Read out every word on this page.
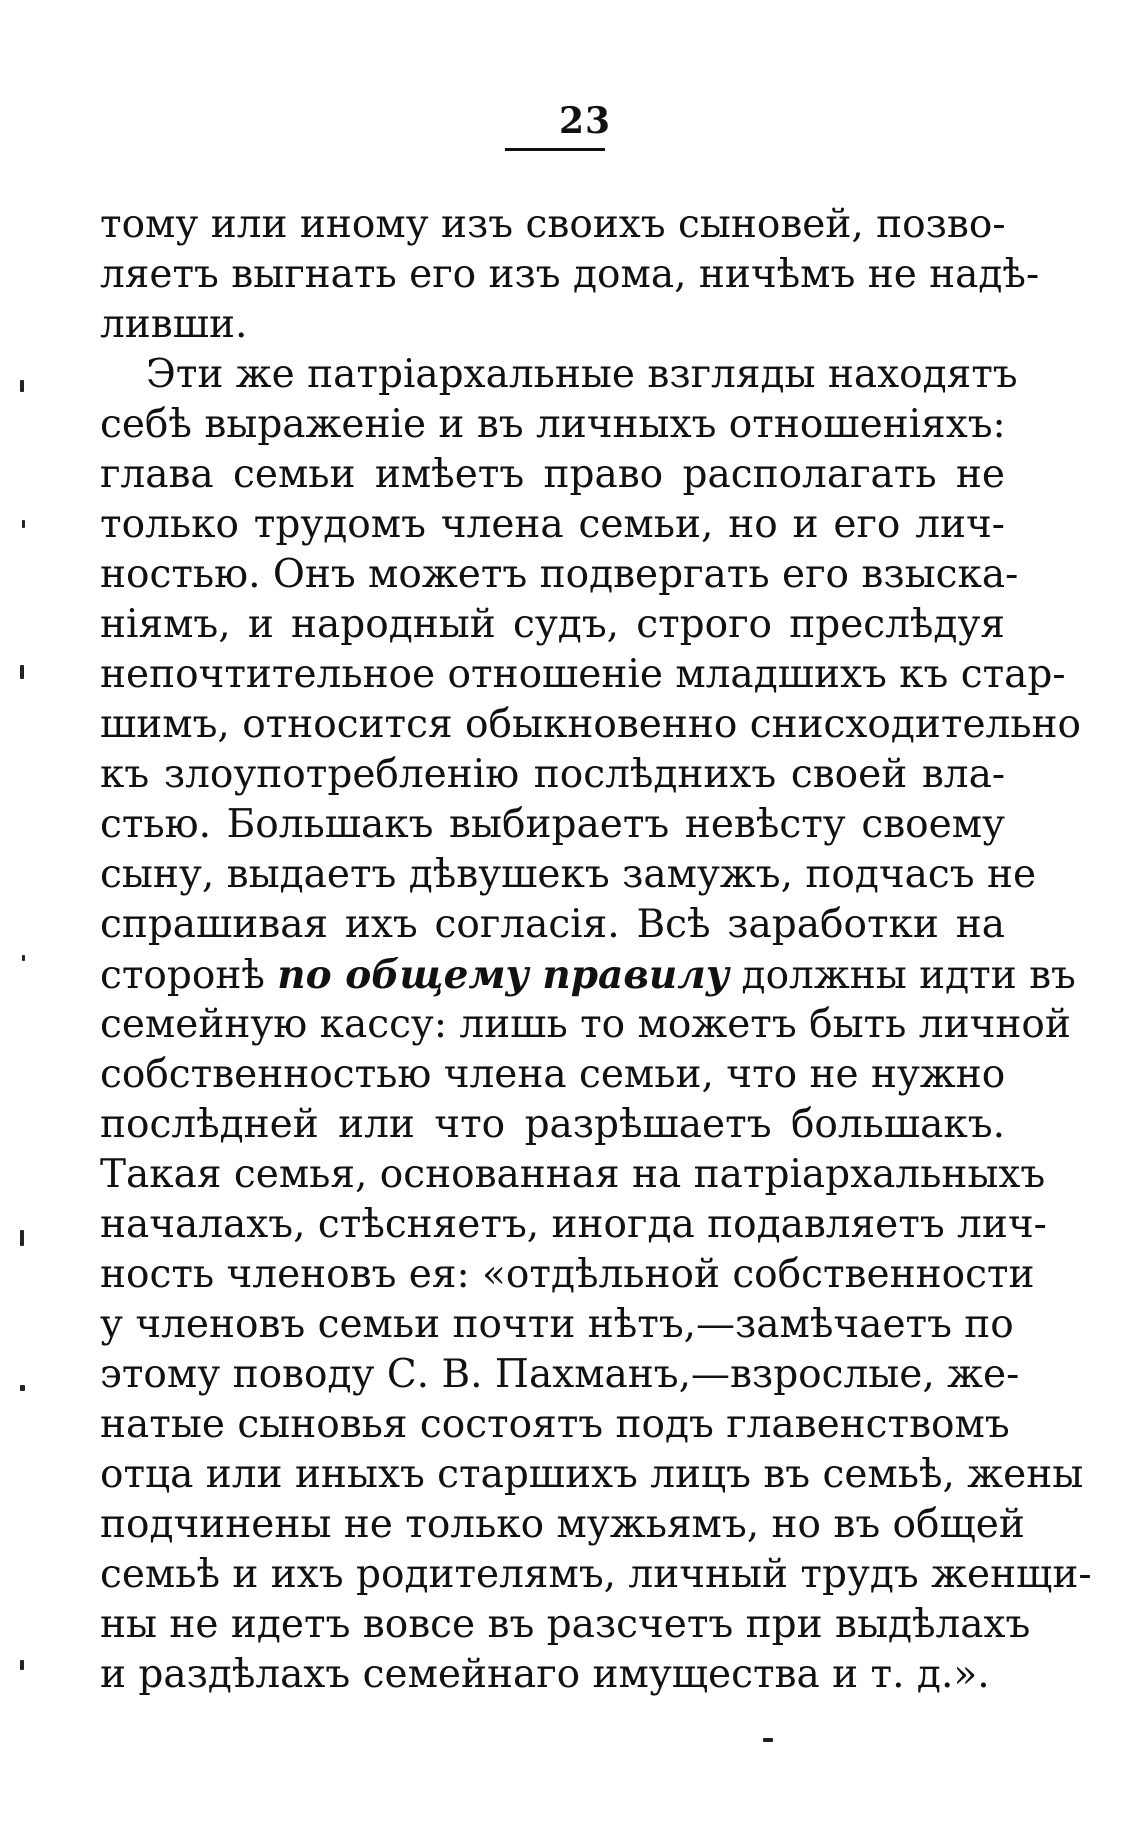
23
тому или иному изъ своихъ сыновей, позво-
ляетъ выгнать его изъ дома, ничѣмъ не надѣ-
ливши.
Эти же патріархальные взгляды находятъ
себѣ выраженіе и въ личныхъ отношеніяхъ:
глава семьи имѣетъ право располагать не
только трудомъ члена семьи, но и его лич-
ностью. Онъ можетъ подвергать его взыска-
ніямъ, и народный судъ, строго преслѣдуя
непочтительное отношеніе младшихъ къ стар-
шимъ, относится обыкновенно снисходительно
къ злоупотребленію послѣднихъ своей вла-
стью. Большакъ выбираетъ невѣсту своему
сыну, выдаетъ дѣвушекъ замужъ, подчасъ не
спрашивая ихъ согласія. Всѣ заработки на
сторонѣ по общему правилу должны идти въ
семейную кассу: лишь то можетъ быть личной
собственностью члена семьи, что не нужно
послѣдней или что разрѣшаетъ большакъ.
Такая семья, основанная на патріархальныхъ
началахъ, стѣсняетъ, иногда подавляетъ лич-
ность членовъ ея: «отдѣльной собственности
у членовъ семьи почти нѣтъ,—замѣчаетъ по
этому поводу С. В. Пахманъ,—взрослые, же-
натые сыновья состоятъ подъ главенствомъ
отца или иныхъ старшихъ лицъ въ семьѣ, жены
подчинены не только мужьямъ, но въ общей
семьѣ и ихъ родителямъ, личный трудъ женщи-
ны не идетъ вовсе въ разсчетъ при выдѣлахъ
и раздѣлахъ семейнаго имущества и т. д.».
